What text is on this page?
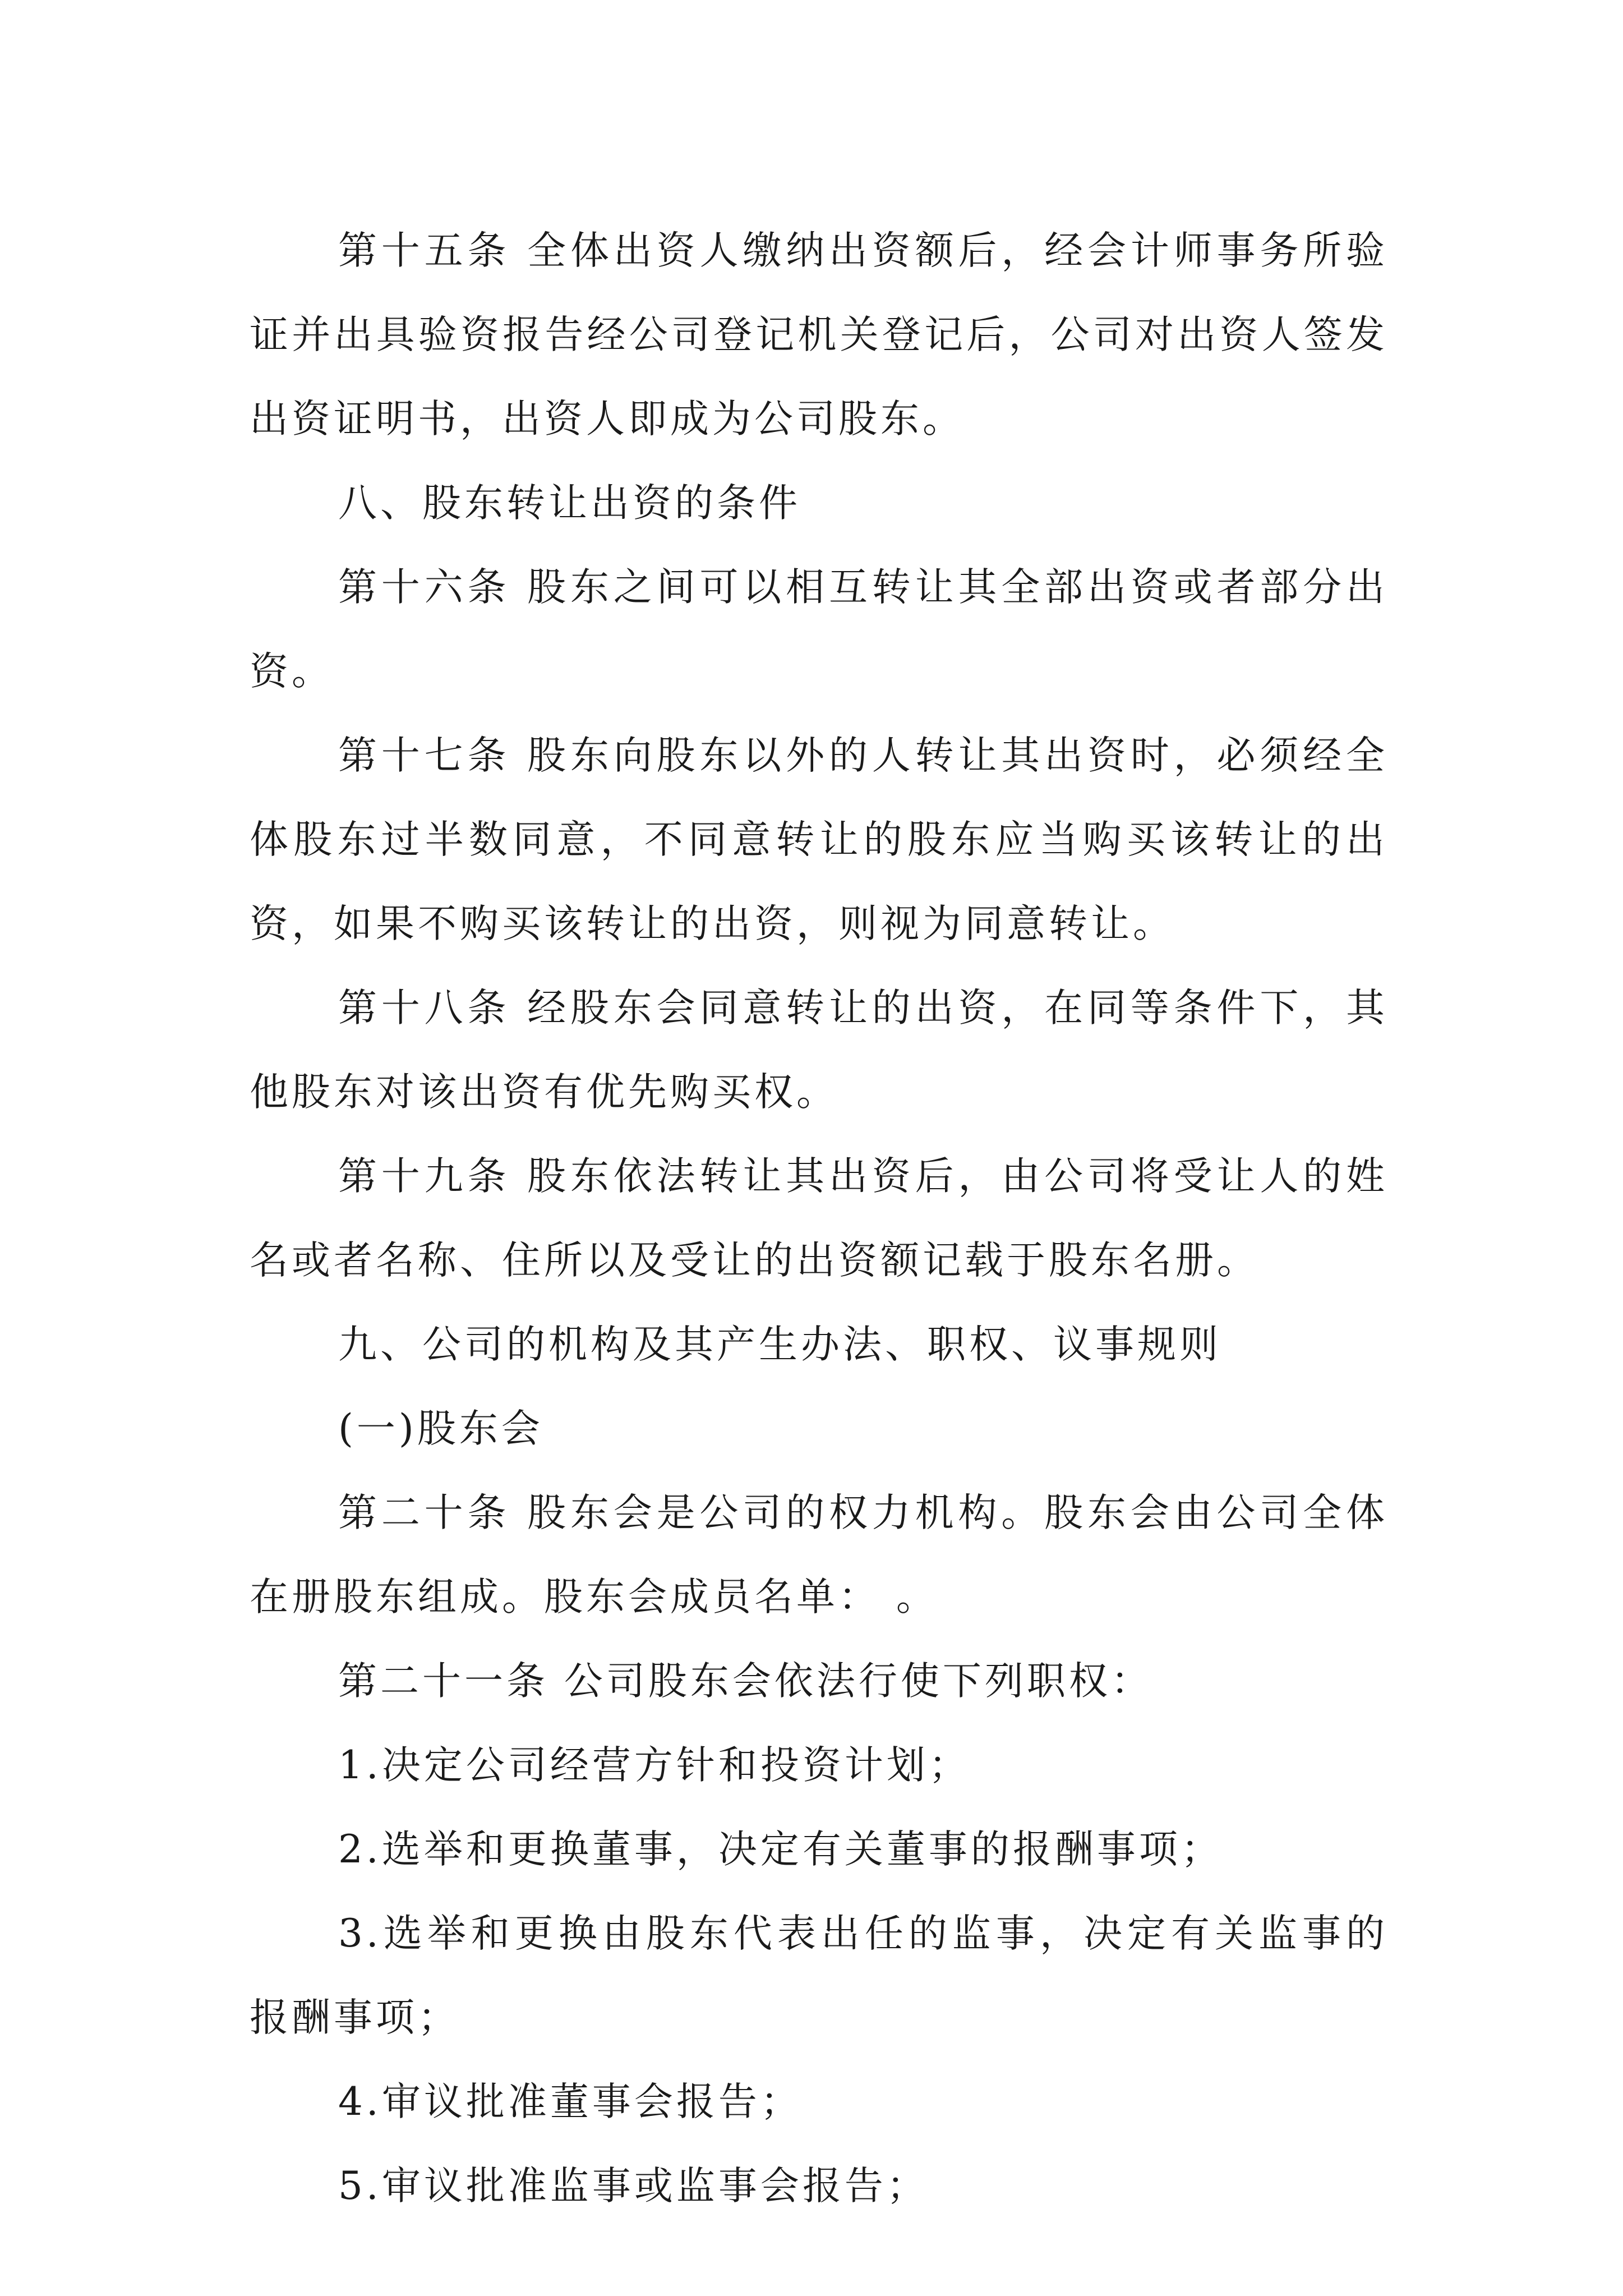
第十五条 全体出资人缴纳出资额后，经会计师事务所验证并出具验资报告经公司登记机关登记后，公司对出资人签发出资证明书，出资人即成为公司股东。

八、股东转让出资的条件

第十六条 股东之间可以相互转让其全部出资或者部分出资。

第十七条 股东向股东以外的人转让其出资时，必须经全体股东过半数同意，不同意转让的股东应当购买该转让的出资，如果不购买该转让的出资，则视为同意转让。

第十八条 经股东会同意转让的出资，在同等条件下，其他股东对该出资有优先购买权。

第十九条 股东依法转让其出资后，由公司将受让人的姓名或者名称、住所以及受让的出资额记载于股东名册。

九、公司的机构及其产生办法、职权、议事规则

(一)股东会

第二十条 股东会是公司的权力机构。股东会由公司全体在册股东组成。股东会成员名单： 。

第二十一条 公司股东会依法行使下列职权：

1.决定公司经营方针和投资计划；

2.选举和更换董事，决定有关董事的报酬事项；

3.选举和更换由股东代表出任的监事，决定有关监事的报酬事项；

4.审议批准董事会报告；

5.审议批准监事或监事会报告；
